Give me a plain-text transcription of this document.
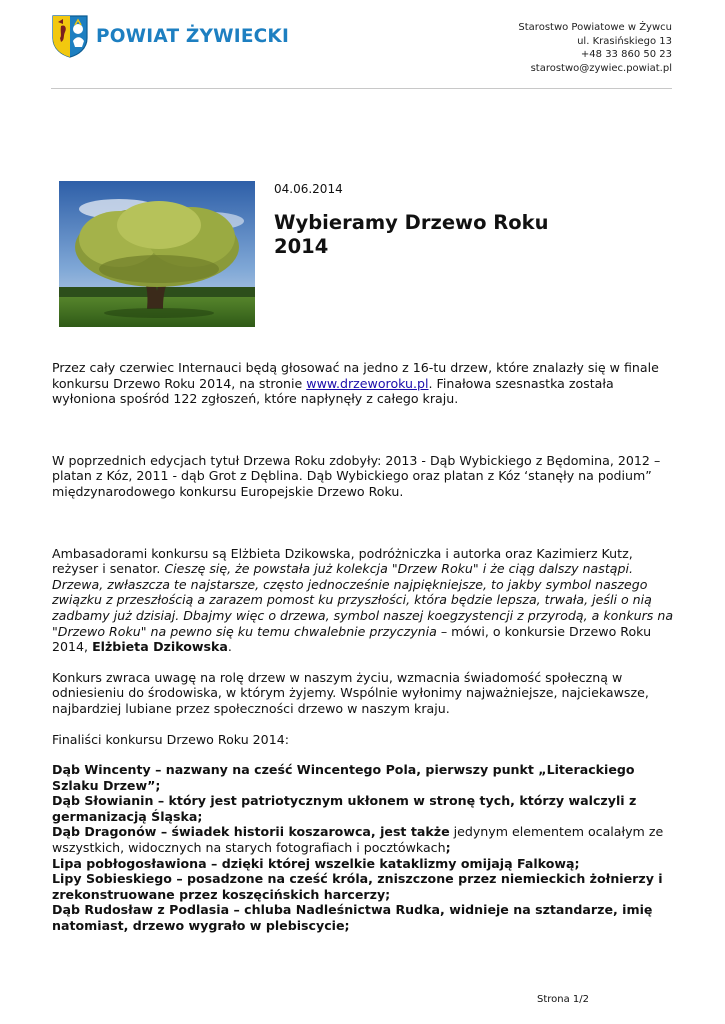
POWIAT ŻYWIECKI	Starostwo Powiatowe w Żywcu
ul. Krasińskiego 13
+48 33 860 50 23
starostwo@zywiec.powiat.pl
04.06.2014
Wybieramy Drzewo Roku 2014

Przez cały czerwiec Internauci będą głosować na jedno z 16-tu drzew, które znalazły się w finale konkursu Drzewo Roku 2014, na stronie www.drzeworoku.pl. Finałowa szesnastka została wyłoniona spośród 122 zgłoszeń, które napłynęły z całego kraju.

W poprzednich edycjach tytuł Drzewa Roku zdobyły: 2013 - Dąb Wybickiego z Będomina, 2012 – platan z Kóz, 2011 - dąb Grot z Dęblina. Dąb Wybickiego oraz platan z Kóz ‘stanęły na podium” międzynarodowego konkursu Europejskie Drzewo Roku.

Ambasadorami konkursu są Elżbieta Dzikowska, podróżniczka i autorka oraz Kazimierz Kutz, reżyser i senator. Cieszę się, że powstała już kolekcja "Drzew Roku" i że ciąg dalszy nastąpi. Drzewa, zwłaszcza te najstarsze, często jednocześnie najpiękniejsze, to jakby symbol naszego związku z przeszłością a zarazem pomost ku przyszłości, która będzie lepsza, trwała, jeśli o nią zadbamy już dzisiaj. Dbajmy więc o drzewa, symbol naszej koegzystencji z przyrodą, a konkurs na "Drzewo Roku" na pewno się ku temu chwalebnie przyczynia – mówi, o konkursie Drzewo Roku 2014, Elżbieta Dzikowska.

Konkurs zwraca uwagę na rolę drzew w naszym życiu, wzmacnia świadomość społeczną w odniesieniu do środowiska, w którym żyjemy. Wspólnie wyłonimy najważniejsze, najciekawsze, najbardziej lubiane przez społeczności drzewo w naszym kraju.

Finaliści konkursu Drzewo Roku 2014:

Dąb Wincenty – nazwany na cześć Wincentego Pola, pierwszy punkt „Literackiego Szlaku Drzew”;
Dąb Słowianin – który jest patriotycznym ukłonem w stronę tych, którzy walczyli z germanizacją Śląska;
Dąb Dragonów – świadek historii koszarowca, jest także jedynym elementem ocalałym ze wszystkich, widocznych na starych fotografiach i pocztówkach;
Lipa pobłogosławiona – dzięki której wszelkie kataklizmy omijają Falkową;
Lipy Sobieskiego – posadzone na cześć króla, zniszczone przez niemieckich żołnierzy i zrekonstruowane przez koszęcińskich harcerzy;
Dąb Rudosław z Podlasia – chluba Nadleśnictwa Rudka, widnieje na sztandarze, imię natomiast, drzewo wygrało w plebiscycie;
Strona 1/2
